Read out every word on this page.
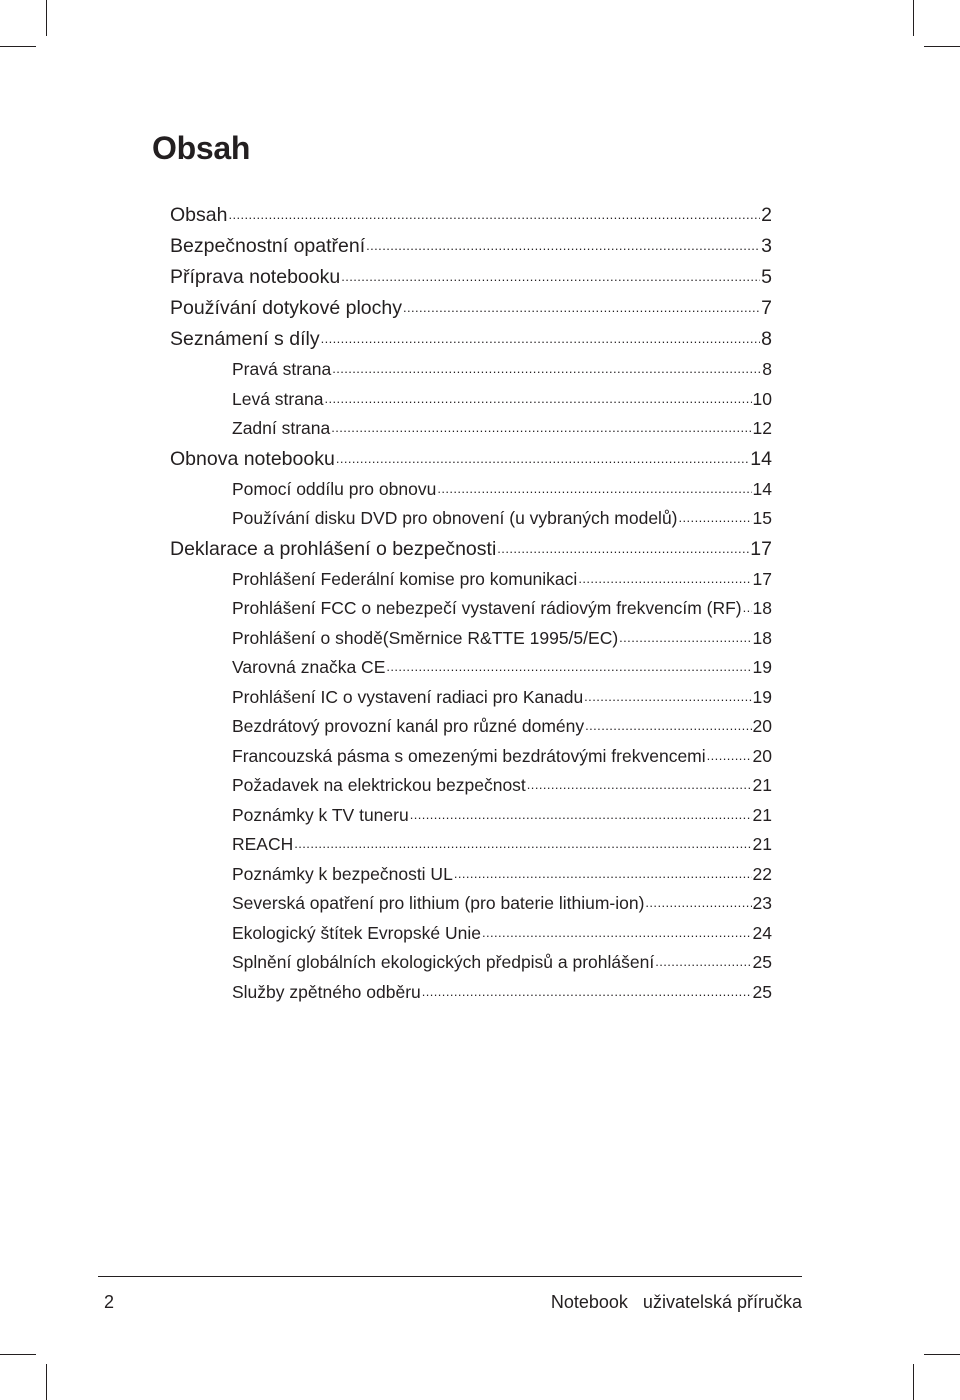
Obsah
Obsah .....	2
Bezpečnostní opatření .....	3
Příprava notebooku .....	5
Používání dotykové plochy .....	7
Seznámení s díly .....	8
Pravá strana .....	8
Levá strana .....	10
Zadní strana .....	12
Obnova notebooku .....	14
Pomocí oddílu pro obnovu .....	14
Používání disku DVD pro obnovení (u vybraných modelů) .....	15
Deklarace a prohlášení o bezpečnosti .....	17
Prohlášení Federální komise pro komunikaci .....	17
Prohlášení FCC o nebezpečí vystavení rádiovým frekvencím (RF) ..... 18
Prohlášení o shodě(Směrnice R&TTE 1995/5/EC) .....	18
Varovná značka CE .....	19
Prohlášení IC o vystavení radiaci pro Kanadu .....	19
Bezdrátový provozní kanál pro různé domény .....	20
Francouzská pásma s omezenými bezdrátovými frekvencemi .....	20
Požadavek na elektrickou bezpečnost .....	21
Poznámky k TV tuneru .....	21
REACH .....	21
Poznámky k bezpečnosti UL .....	22
Severská opatření pro lithium (pro baterie lithium-ion) .....	23
Ekologický štítek Evropské Unie .....	24
Splnění globálních ekologických předpisů a prohlášení .....	25
Služby zpětného odběru .....	25
2	Notebook   uživatelská příručka
